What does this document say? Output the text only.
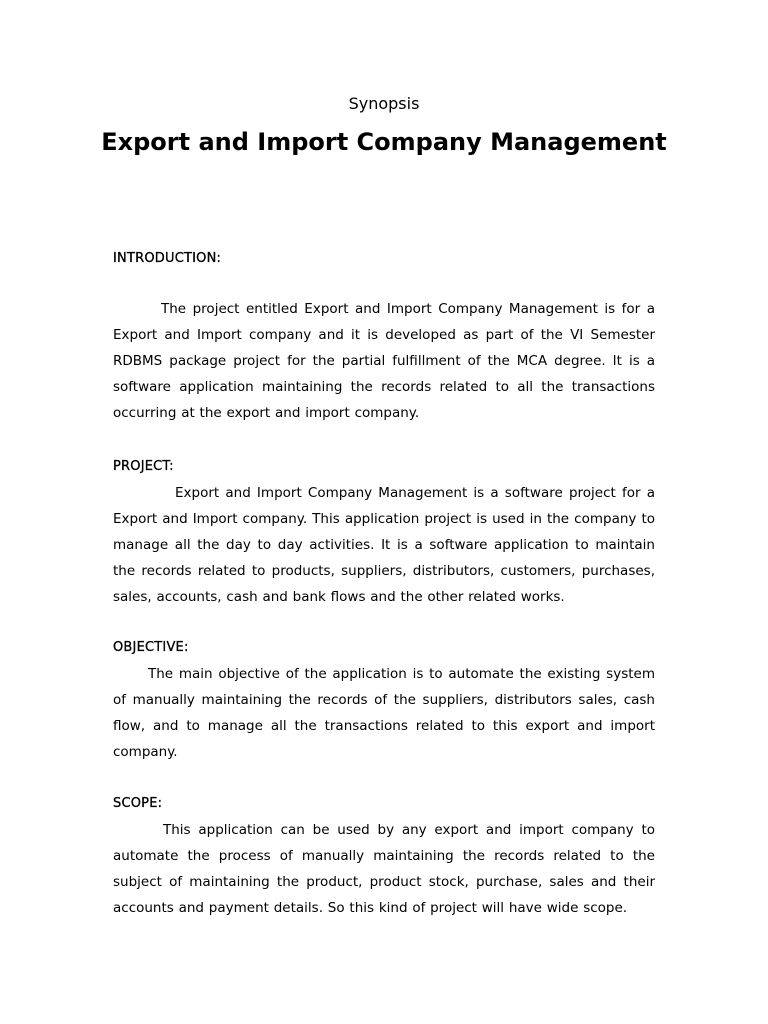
Synopsis
Export and Import Company Management
INTRODUCTION:

The project entitled Export and Import Company Management is for a Export and Import company and it is developed as part of the VI Semester RDBMS package project for the partial fulfillment of the MCA degree. It is a software application maintaining the records related to all the transactions occurring at the export and import company.

PROJECT:

Export and Import Company Management is a software project for a Export and Import company. This application project is used in the company to manage all the day to day activities. It is a software application to maintain the records related to products, suppliers, distributors, customers, purchases, sales, accounts, cash and bank flows and the other related works.

OBJECTIVE:

The main objective of the application is to automate the existing system of manually maintaining the records of the suppliers, distributors sales, cash flow, and to manage all the transactions related to this export and import company.

SCOPE:

This application can be used by any export and import company to automate the process of manually maintaining the records related to the subject of maintaining the product, product stock, purchase, sales and their accounts and payment details. So this kind of project will have wide scope.
